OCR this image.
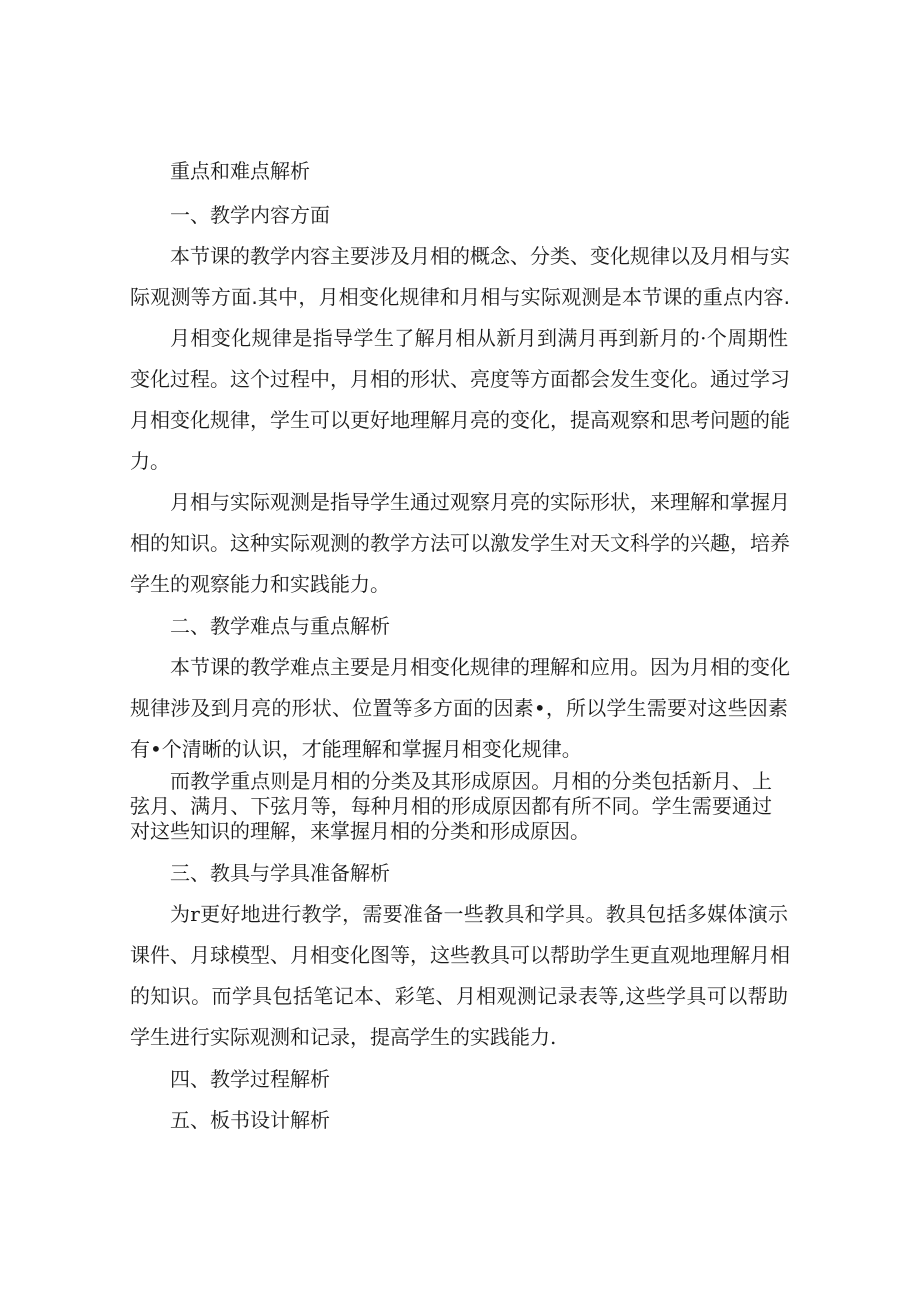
重点和难点解析
一、教学内容方面
本节课的教学内容主要涉及月相的概念、分类、变化规律以及月相与实
际观测等方面.其中，月相变化规律和月相与实际观测是本节课的重点内容.
月相变化规律是指导学生了解月相从新月到满月再到新月的·个周期性
变化过程。这个过程中，月相的形状、亮度等方面都会发生变化。通过学习
月相变化规律，学生可以更好地理解月亮的变化，提高观察和思考问题的能
力。
月相与实际观测是指导学生通过观察月亮的实际形状，来理解和掌握月
相的知识。这种实际观测的教学方法可以激发学生对天文科学的兴趣，培养
学生的观察能力和实践能力。
二、教学难点与重点解析
本节课的教学难点主要是月相变化规律的理解和应用。因为月相的变化
规律涉及到月亮的形状、位置等多方面的因素•，所以学生需要对这些因素
有•个清晰的认识，才能理解和掌握月相变化规律。
而教学重点则是月相的分类及其形成原因。月相的分类包括新月、上
弦月、满月、下弦月等，每种月相的形成原因都有所不同。学生需要通过
对这些知识的理解，来掌握月相的分类和形成原因。
三、教具与学具准备解析
为r更好地进行教学，需要准备一些教具和学具。教具包括多媒体演示
课件、月球模型、月相变化图等，这些教具可以帮助学生更直观地理解月相
的知识。而学具包括笔记本、彩笔、月相观测记录表等,这些学具可以帮助
学生进行实际观测和记录，提高学生的实践能力.
四、教学过程解析
五、板书设计解析
